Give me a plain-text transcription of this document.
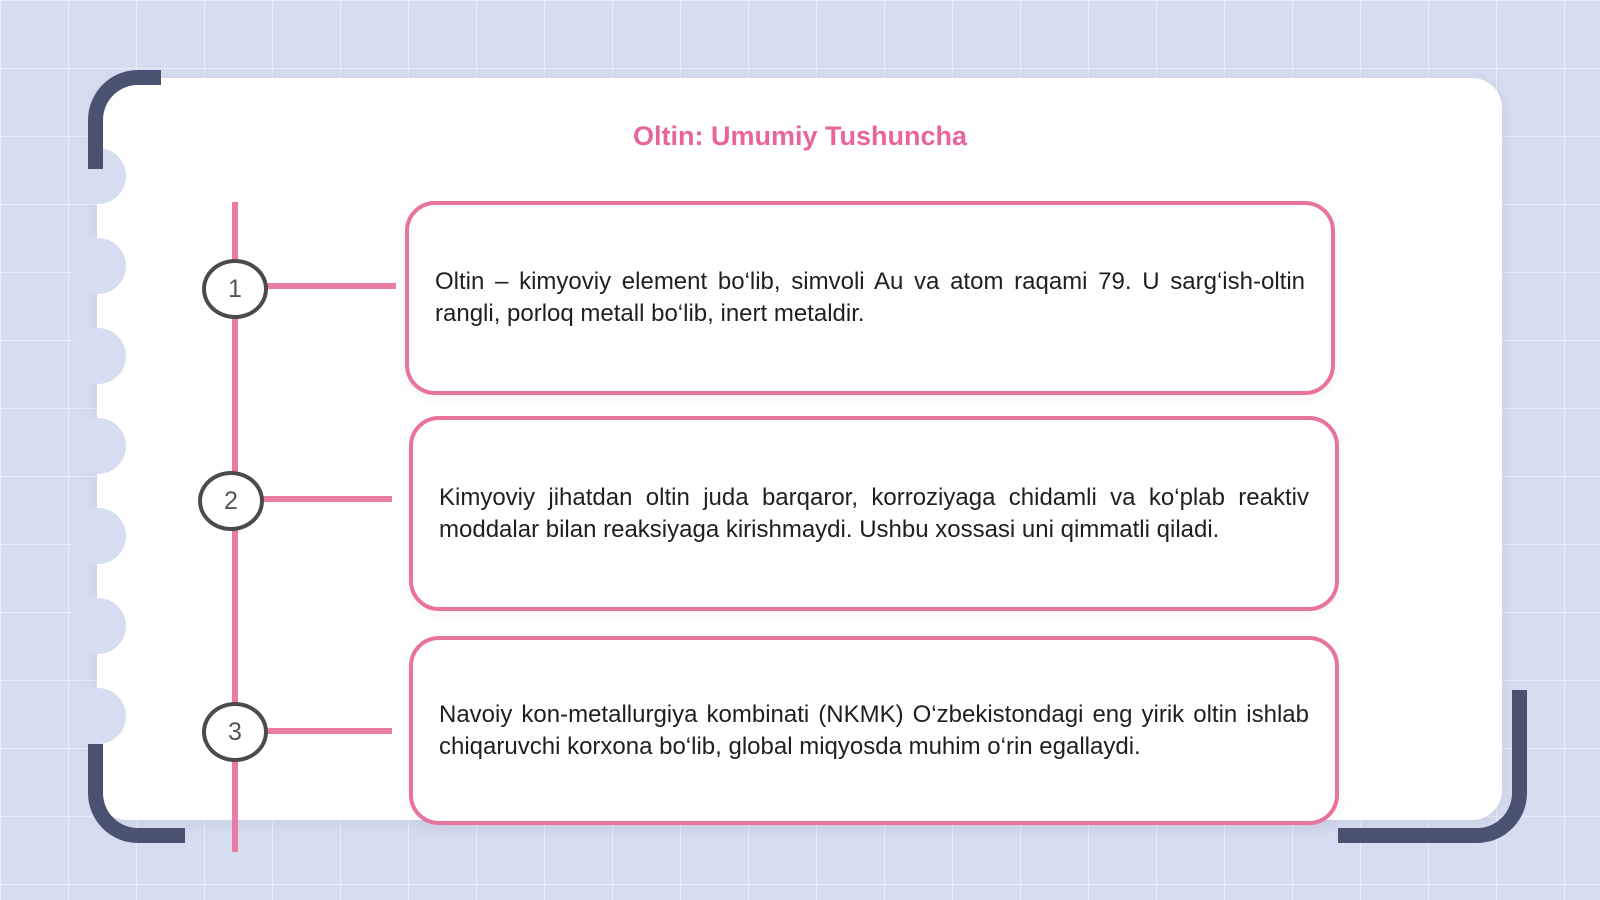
Oltin: Umumiy Tushuncha
1
2
3

Oltin – kimyoviy element bo‘lib, simvoli Au va atom raqami 79. U sarg‘ish-oltin rangli, porloq metall bo‘lib, inert metaldir.

Kimyoviy jihatdan oltin juda barqaror, korroziyaga chidamli va ko‘plab reaktiv moddalar bilan reaksiyaga kirishmaydi. Ushbu xossasi uni qimmatli qiladi.

Navoiy kon-metallurgiya kombinati (NKMK) O‘zbekistondagi eng yirik oltin ishlab chiqaruvchi korxona bo‘lib, global miqyosda muhim o‘rin egallaydi.
